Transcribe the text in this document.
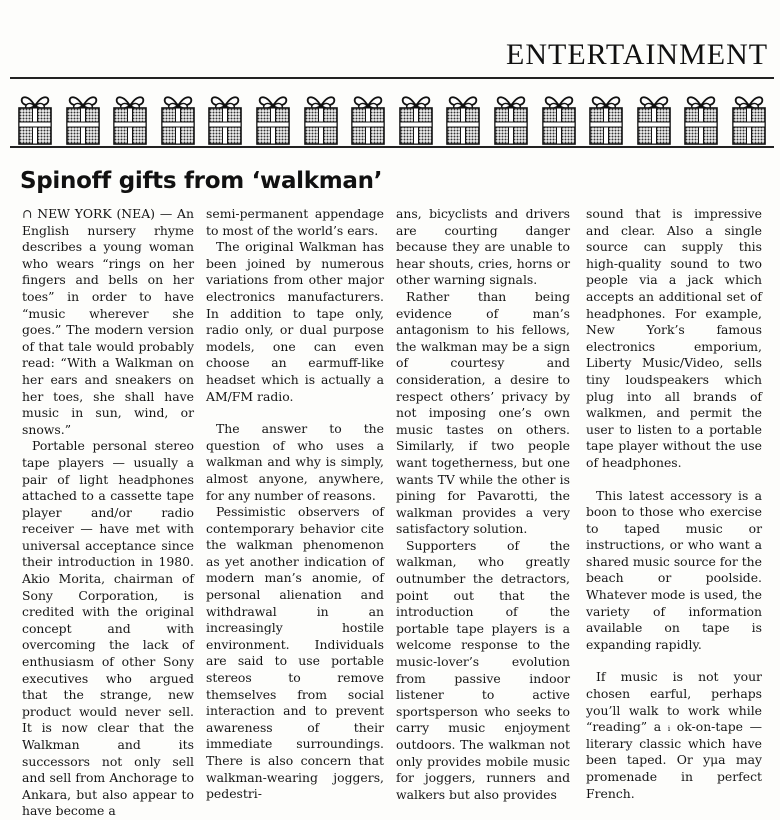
ENTERTAINMENT
Spinoff gifts from ‘walkman’

∩ NEW YORK (NEA) — An English nursery rhyme describes a young woman who wears “rings on her fingers and bells on her toes” in order to have “music wherever she goes.” The modern version of that tale would probably read: “With a Walkman on her ears and sneakers on her toes, she shall have music in sun, wind, or snows.”

Portable personal stereo tape players — usually a pair of light headphones attached to a cassette tape player and/or radio receiver — have met with universal acceptance since their introduction in 1980. Akio Morita, chairman of Sony Corporation, is credited with the original concept and with overcoming the lack of enthusiasm of other Sony executives who argued that the strange, new product would never sell. It is now clear that the Walkman and its successors not only sell and sell from Anchorage to Ankara, but also appear to have become a

semi-permanent appendage to most of the world’s ears.

The original Walkman has been joined by numerous variations from other major electronics manufacturers. In addition to tape only, radio only, or dual purpose models, one can even choose an earmuff-like headset which is actually a AM/FM radio.

The answer to the question of who uses a walkman and why is simply, almost anyone, anywhere, for any number of reasons.

Pessimistic observers of contemporary behavior cite the walkman phenomenon as yet another indication of modern man’s anomie, of personal alienation and withdrawal in an increasingly hostile environment. Individuals are said to use portable stereos to remove themselves from social interaction and to prevent awareness of their immediate surroundings. There is also concern that walkman-wearing joggers, pedestri-

ans, bicyclists and drivers are courting danger because they are unable to hear shouts, cries, horns or other warning signals.

Rather than being evidence of man’s antagonism to his fellows, the walkman may be a sign of courtesy and consideration, a desire to respect others’ privacy by not imposing one’s own music tastes on others. Similarly, if two people want togetherness, but one wants TV while the other is pining for Pavarotti, the walkman provides a very satisfactory solution.

Supporters of the walkman, who greatly outnumber the detractors, point out that the introduction of the portable tape players is a welcome response to the music-lover’s evolution from passive indoor listener to active sportsperson who seeks to carry music enjoyment outdoors. The walkman not only provides mobile music for joggers, runners and walkers but also provides

sound that is impressive and clear. Also a single source can supply this high-quality sound to two people via a jack which accepts an additional set of headphones. For example, New York’s famous electronics emporium, Liberty Music/Video, sells tiny loudspeakers which plug into all brands of walkmen, and permit the user to listen to a portable tape player without the use of headphones.

This latest accessory is a boon to those who exercise to taped music or instructions, or who want a shared music source for the beach or poolside. Whatever mode is used, the variety of information available on tape is expanding rapidly.

If music is not your chosen earful, perhaps you’ll walk to work while “reading” a ᵢ ok-on-tape — literary classic which have been taped. Or yμa may promenade in perfect French.
